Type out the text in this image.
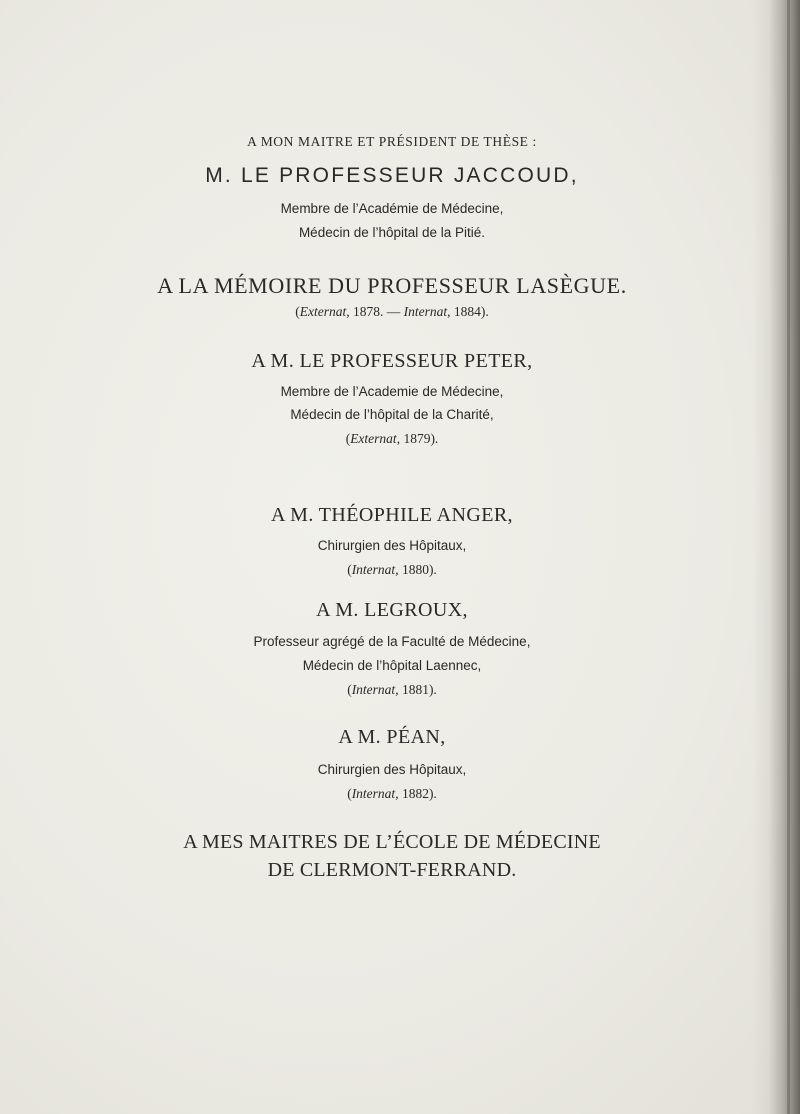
A MON MAITRE ET PRÉSIDENT DE THÈSE :
M. LE PROFESSEUR JACCOUD,
Membre de l’Académie de Médecine,
Médecin de l’hôpital de la Pitié.
A LA MÉMOIRE DU PROFESSEUR LASÈGUE.
(Externat, 1878. — Internat, 1884).
A M. LE PROFESSEUR PETER,
Membre de l’Academie de Médecine,
Médecin de l’hôpital de la Charité,
(Externat, 1879).
A M. THÉOPHILE ANGER,
Chirurgien des Hôpitaux,
(Internat, 1880).
A M. LEGROUX,
Professeur agrégé de la Faculté de Médecine,
Médecin de l’hôpital Laennec,
(Internat, 1881).
A M. PÉAN,
Chirurgien des Hôpitaux,
(Internat, 1882).
A MES MAITRES DE L’ÉCOLE DE MÉDECINE
DE CLERMONT-FERRAND.
